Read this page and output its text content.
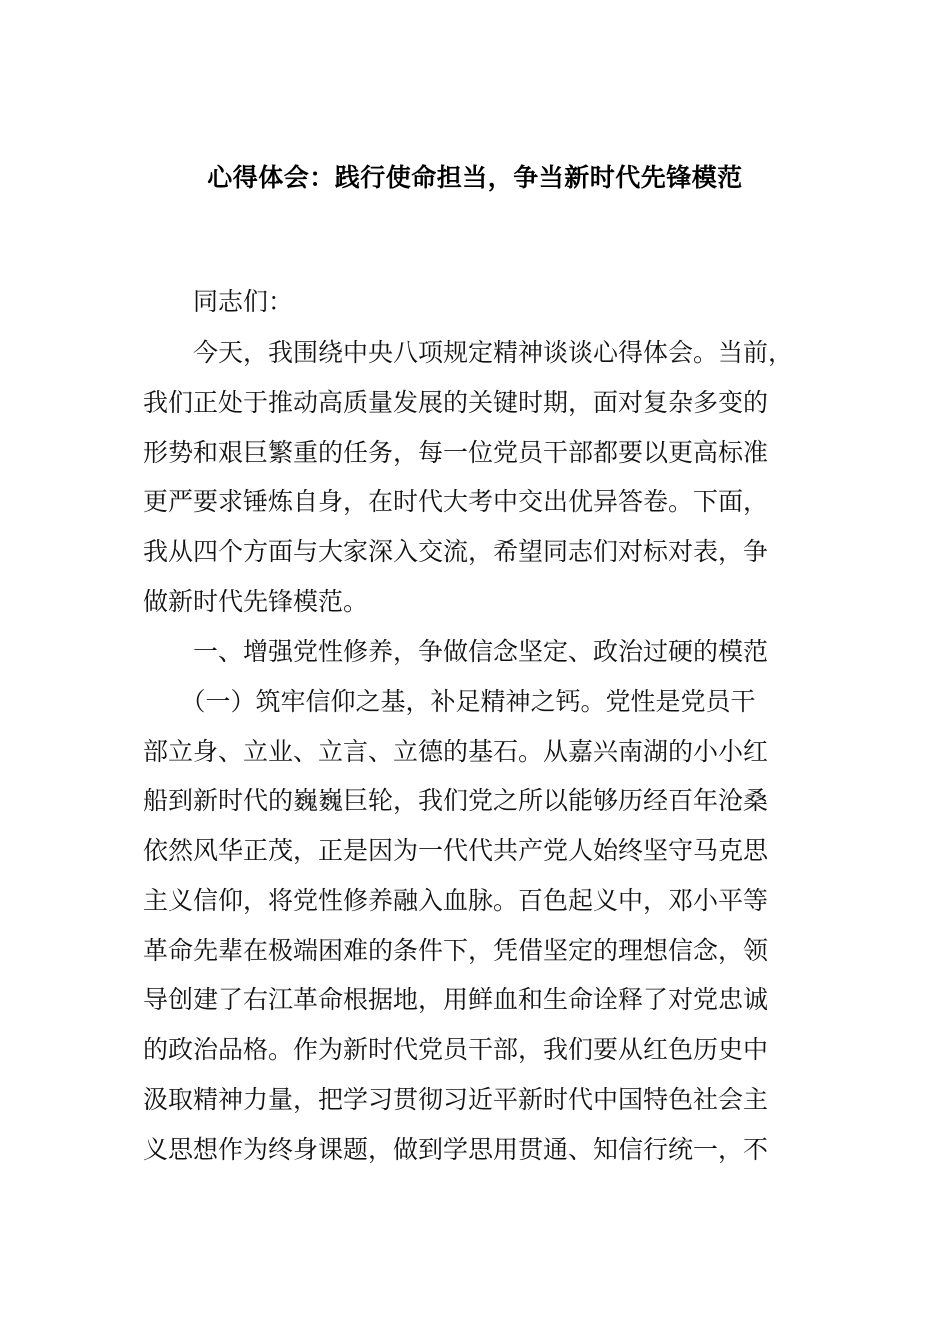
心得体会：践行使命担当，争当新时代先锋模范

　　同志们：

　　今天，我围绕中央八项规定精神谈谈心得体会。当前，

我们正处于推动高质量发展的关键时期，面对复杂多变的

形势和艰巨繁重的任务，每一位党员干部都要以更高标准

更严要求锤炼自身，在时代大考中交出优异答卷。下面，

我从四个方面与大家深入交流，希望同志们对标对表，争

做新时代先锋模范。

　　一、增强党性修养，争做信念坚定、政治过硬的模范

　　（一）筑牢信仰之基，补足精神之钙。党性是党员干

部立身、立业、立言、立德的基石。从嘉兴南湖的小小红

船到新时代的巍巍巨轮，我们党之所以能够历经百年沧桑

依然风华正茂，正是因为一代代共产党人始终坚守马克思

主义信仰，将党性修养融入血脉。百色起义中，邓小平等

革命先辈在极端困难的条件下，凭借坚定的理想信念，领

导创建了右江革命根据地，用鲜血和生命诠释了对党忠诚

的政治品格。作为新时代党员干部，我们要从红色历史中

汲取精神力量，把学习贯彻习近平新时代中国特色社会主

义思想作为终身课题，做到学思用贯通、知信行统一，不
